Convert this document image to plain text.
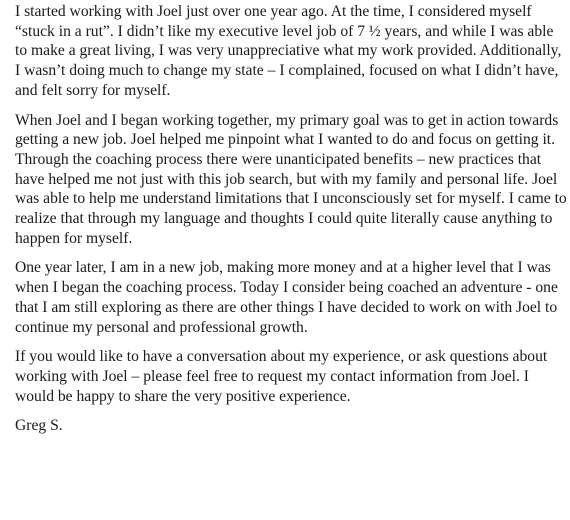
I started working with Joel just over one year ago. At the time, I considered myself “stuck in a rut”. I didn’t like my executive level job of 7 ½ years, and while I was able to make a great living, I was very unappreciative what my work provided. Additionally, I wasn’t doing much to change my state – I complained, focused on what I didn’t have, and felt sorry for myself.

When Joel and I began working together, my primary goal was to get in action towards getting a new job. Joel helped me pinpoint what I wanted to do and focus on getting it. Through the coaching process there were unanticipated benefits – new practices that have helped me not just with this job search, but with my family and personal life. Joel was able to help me understand limitations that I unconsciously set for myself. I came to realize that through my language and thoughts I could quite literally cause anything to happen for myself.

One year later, I am in a new job, making more money and at a higher level that I was when I began the coaching process. Today I consider being coached an adventure - one that I am still exploring as there are other things I have decided to work on with Joel to continue my personal and professional growth.

If you would like to have a conversation about my experience, or ask questions about working with Joel – please feel free to request my contact information from Joel. I would be happy to share the very positive experience.

Greg S.
